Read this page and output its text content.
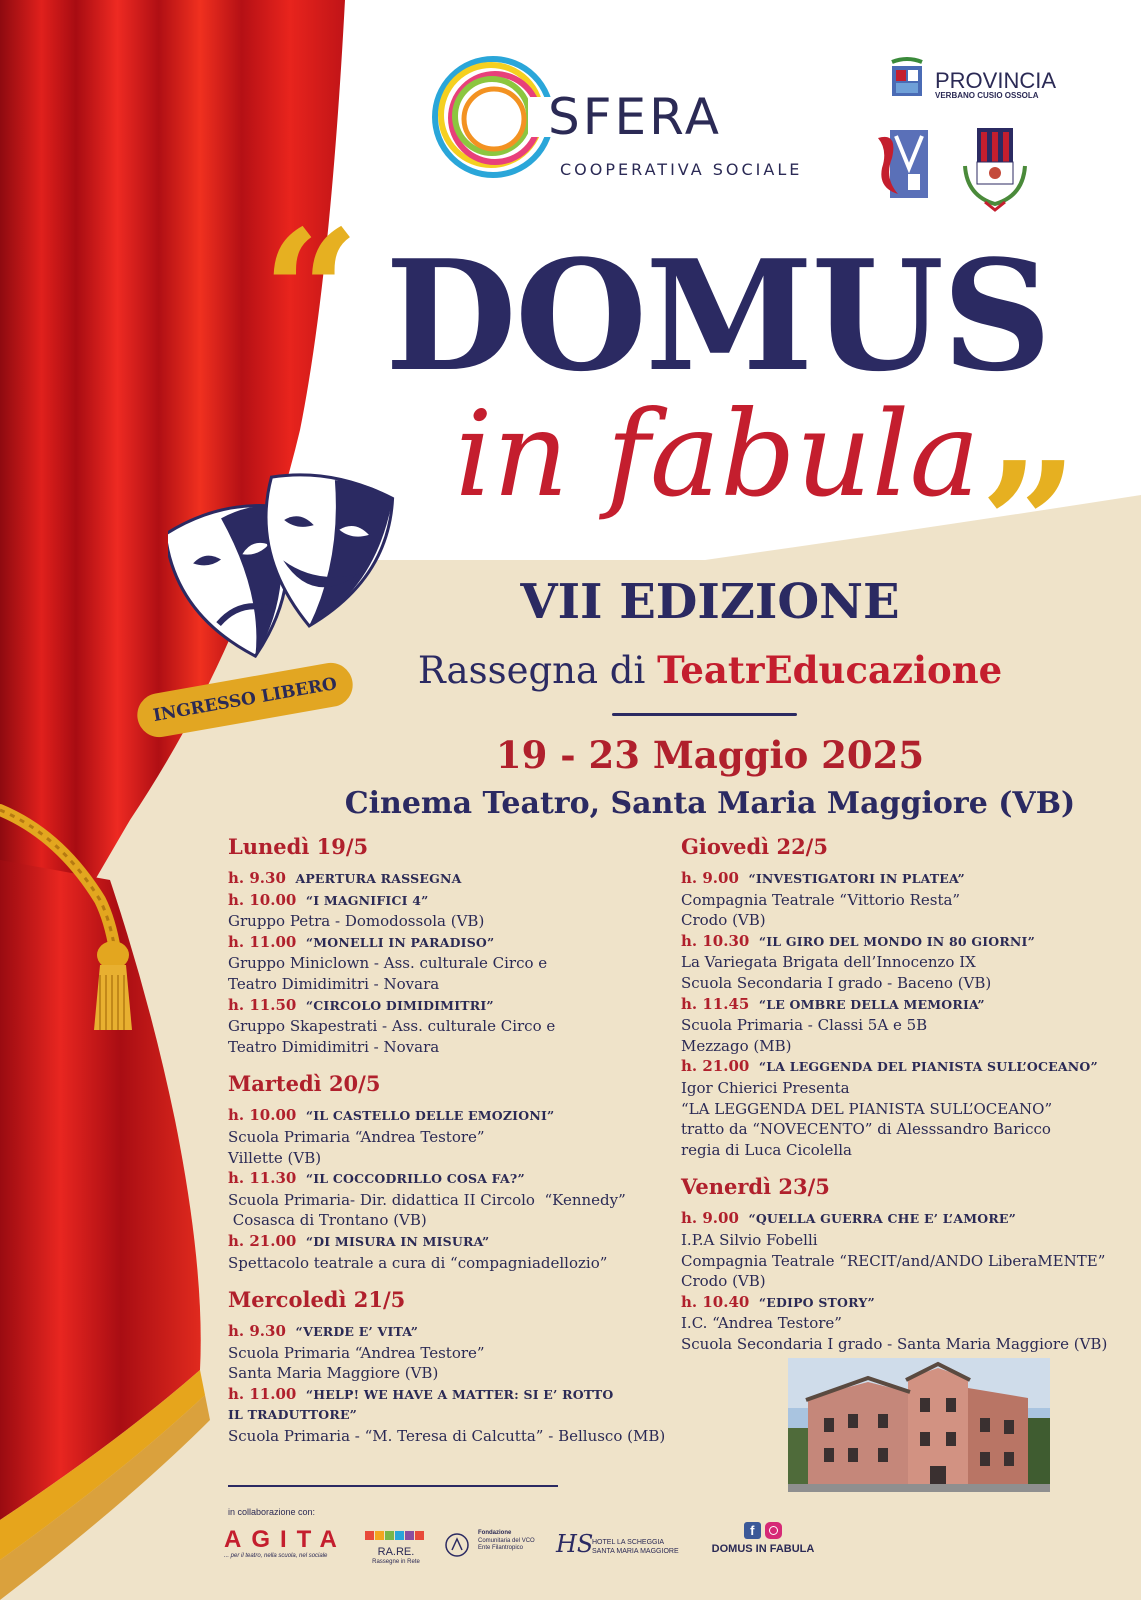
SFERA
COOPERATIVA SOCIALE
PROVINCIA
VERBANO CUSIO OSSOLA
“ DOMUS
in fabula ”
VII EDIZIONE
Rassegna di TeatrEducazione
19 - 23 Maggio 2025
Cinema Teatro, Santa Maria Maggiore (VB)
INGRESSO LIBERO
Lunedì 19/5
h. 9.30 APERTURA RASSEGNA
h. 10.00 “I MAGNIFICI 4”
Gruppo Petra - Domodossola (VB)
h. 11.00 “MONELLI IN PARADISO”
Gruppo Miniclown - Ass. culturale Circo e
Teatro Dimidimitri - Novara
h. 11.50 “CIRCOLO DIMIDIMITRI”
Gruppo Skapestrati - Ass. culturale Circo e
Teatro Dimidimitri - Novara
Martedì 20/5
h. 10.00 “IL CASTELLO DELLE EMOZIONI”
Scuola Primaria “Andrea Testore”
Villette (VB)
h. 11.30 “IL COCCODRILLO COSA FA?”
Scuola Primaria- Dir. didattica II Circolo  “Kennedy”
Cosasca di Trontano (VB)
h. 21.00 “DI MISURA IN MISURA”
Spettacolo teatrale a cura di “compagniadellozio”
Mercoledì 21/5
h. 9.30 “VERDE E’ VITA”
Scuola Primaria “Andrea Testore”
Santa Maria Maggiore (VB)
h. 11.00 “HELP! WE HAVE A MATTER: SI E’ ROTTO
IL TRADUTTORE”
Scuola Primaria - “M. Teresa di Calcutta” - Bellusco (MB)
Giovedì 22/5
h. 9.00 “INVESTIGATORI IN PLATEA”
Compagnia Teatrale “Vittorio Resta”
Crodo (VB)
h. 10.30 “IL GIRO DEL MONDO IN 80 GIORNI”
La Variegata Brigata dell’Innocenzo IX
Scuola Secondaria I grado - Baceno (VB)
h. 11.45 “LE OMBRE DELLA MEMORIA”
Scuola Primaria - Classi 5A e 5B
Mezzago (MB)
h. 21.00 “LA LEGGENDA DEL PIANISTA SULL’OCEANO”
Igor Chierici Presenta
“LA LEGGENDA DEL PIANISTA SULL’OCEANO”
tratto da “NOVECENTO” di Alesssandro Baricco
regia di Luca Cicolella
Venerdì 23/5
h. 9.00 “QUELLA GUERRA CHE E’ L’AMORE”
I.P.A Silvio Fobelli
Compagnia Teatrale “RECIT/and/ANDO LiberaMENTE”
Crodo (VB)
h. 10.40 “EDIPO STORY”
I.C. “Andrea Testore”
Scuola Secondaria I grado - Santa Maria Maggiore (VB)
in collaborazione con:
AGITA
... per il teatro, nella scuola, nel sociale	RA.RE.
Rassegne in Rete
Fondazione
Comunitaria del VCO
Ente Filantropico	HS
HOTEL LA SCHEGGIA
SANTA MARIA MAGGIORE
f
DOMUS IN FABULA
